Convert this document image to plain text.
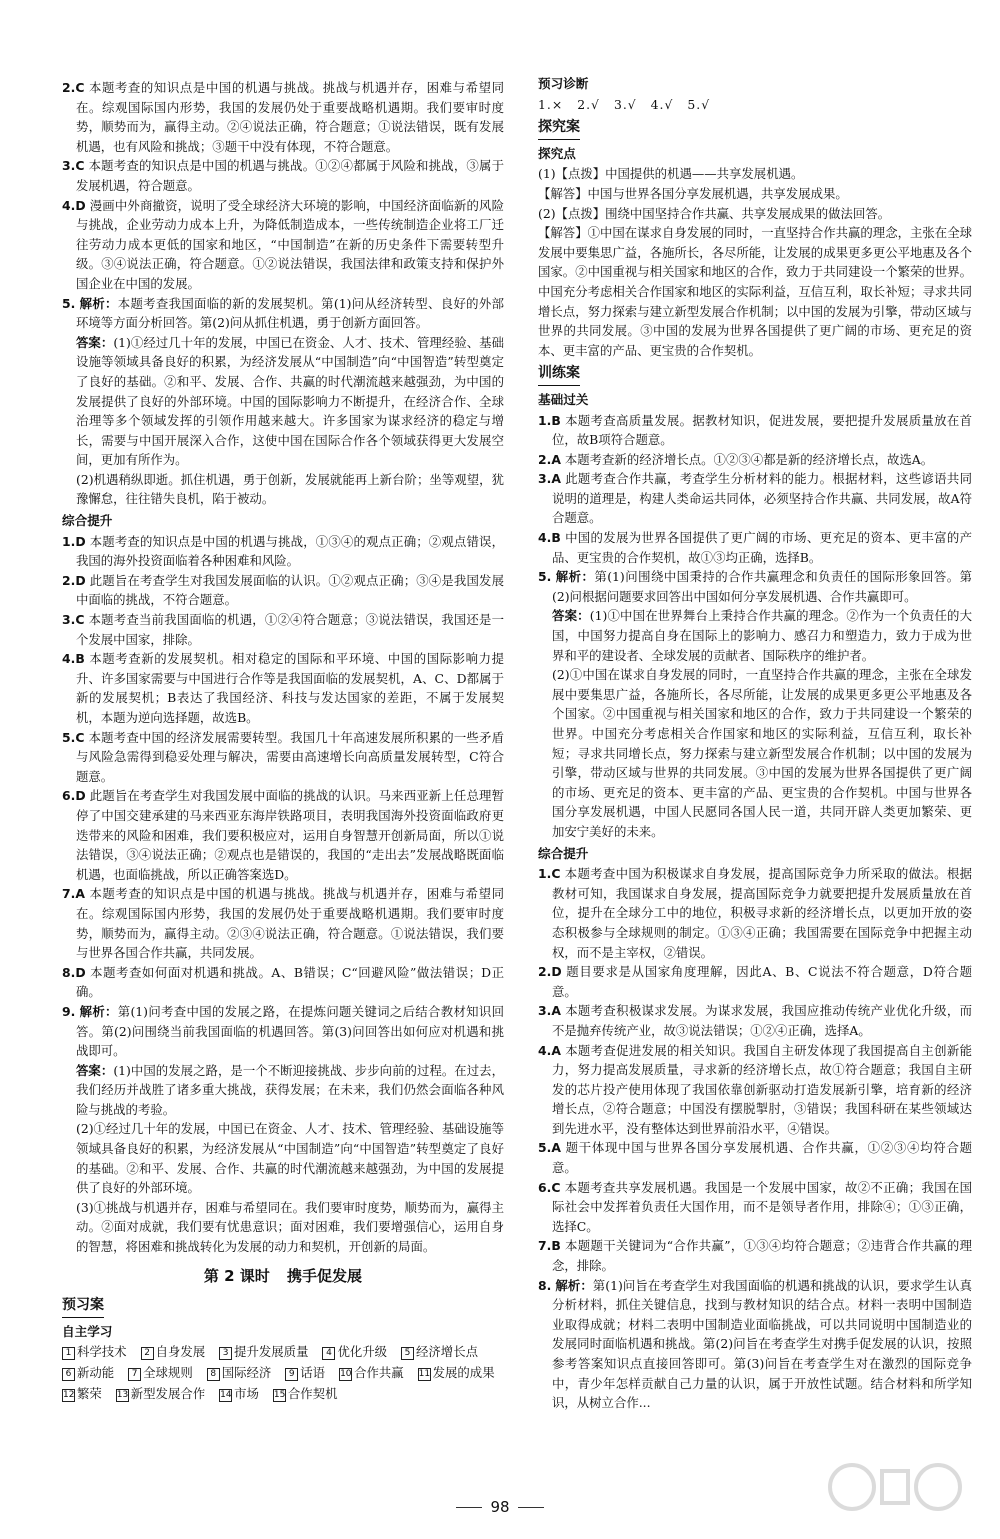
2.C 本题考查的知识点是中国的机遇与挑战。挑战与机遇并存，困难与希望同在。综观国际国内形势，我国的发展仍处于重要战略机遇期。我们要审时度势，顺势而为，赢得主动。②④说法正确，符合题意；①说法错误，既有发展机遇，也有风险和挑战；③题干中没有体现，不符合题意。

3.C 本题考查的知识点是中国的机遇与挑战。①②④都属于风险和挑战，③属于发展机遇，符合题意。

4.D 漫画中外商撤资，说明了受全球经济大环境的影响，中国经济面临新的风险与挑战，企业劳动力成本上升，为降低制造成本，一些传统制造企业将工厂迁往劳动力成本更低的国家和地区，“中国制造”在新的历史条件下需要转型升级。③④说法正确，符合题意。①②说法错误，我国法律和政策支持和保护外国企业在中国的发展。

5. 解析：本题考查我国面临的新的发展契机。第(1)问从经济转型、良好的外部环境等方面分析回答。第(2)问从抓住机遇，勇于创新方面回答。

答案：(1)①经过几十年的发展，中国已在资金、人才、技术、管理经验、基础设施等领域具备良好的积累，为经济发展从“中国制造”向“中国智造”转型奠定了良好的基础。②和平、发展、合作、共赢的时代潮流越来越强劲，为中国的发展提供了良好的外部环境。中国的国际影响力不断提升，在经济合作、全球治理等多个领域发挥的引领作用越来越大。许多国家为谋求经济的稳定与增长，需要与中国开展深入合作，这使中国在国际合作各个领域获得更大发展空间，更加有所作为。

(2)机遇稍纵即逝。抓住机遇，勇于创新，发展就能再上新台阶；坐等观望，犹豫懈怠，往往错失良机，陷于被动。

综合提升

1.D 本题考查的知识点是中国的机遇与挑战，①③④的观点正确；②观点错误，我国的海外投资面临着各种困难和风险。

2.D 此题旨在考查学生对我国发展面临的认识。①②观点正确；③④是我国发展中面临的挑战，不符合题意。

3.C 本题考查当前我国面临的机遇，①②④符合题意；③说法错误，我国还是一个发展中国家，排除。

4.B 本题考查新的发展契机。相对稳定的国际和平环境、中国的国际影响力提升、许多国家需要与中国进行合作等是我国面临的发展契机，A、C、D都属于新的发展契机；B表达了我国经济、科技与发达国家的差距，不属于发展契机，本题为逆向选择题，故选B。

5.C 本题考查中国的经济发展需要转型。我国几十年高速发展所积累的一些矛盾与风险急需得到稳妥处理与解决，需要由高速增长向高质量发展转型，C符合题意。

6.D 此题旨在考查学生对我国发展中面临的挑战的认识。马来西亚新上任总理暂停了中国交建承建的马来西亚东海岸铁路项目，表明我国海外投资面临政府更迭带来的风险和困难，我们要积极应对，运用自身智慧开创新局面，所以①说法错误，③④说法正确；②观点也是错误的，我国的“走出去”发展战略既面临机遇，也面临挑战，所以正确答案选D。

7.A 本题考查的知识点是中国的机遇与挑战。挑战与机遇并存，困难与希望同在。综观国际国内形势，我国的发展仍处于重要战略机遇期。我们要审时度势，顺势而为，赢得主动。②③④说法正确，符合题意。①说法错误，我们要与世界各国合作共赢，共同发展。

8.D 本题考查如何面对机遇和挑战。A、B错误；C“回避风险”做法错误；D正确。

9. 解析：第(1)问考查中国的发展之路，在提炼问题关键词之后结合教材知识回答。第(2)问围绕当前我国面临的机遇回答。第(3)问回答出如何应对机遇和挑战即可。

答案：(1)中国的发展之路，是一个不断迎接挑战、步步向前的过程。在过去，我们经历并战胜了诸多重大挑战，获得发展；在未来，我们仍然会面临各种风险与挑战的考验。

(2)①经过几十年的发展，中国已在资金、人才、技术、管理经验、基础设施等领域具备良好的积累，为经济发展从“中国制造”向“中国智造”转型奠定了良好的基础。②和平、发展、合作、共赢的时代潮流越来越强劲，为中国的发展提供了良好的外部环境。

(3)①挑战与机遇并存，困难与希望同在。我们要审时度势，顺势而为，赢得主动。②面对成就，我们要有忧患意识；面对困难，我们要增强信心，运用自身的智慧，将困难和挑战转化为发展的动力和契机，开创新的局面。

第 2 课时 携手促发展
预习案
自主学习
1 科学技术	2 自身发展	3 提升发展质量	4 优化升级	5 经济增长点
6 新动能	7 全球规则	8 国际经济	9 话语 10 合作共赢 11 发展的成果
12 繁荣 13 新型发展合作 14 市场 15 合作契机
预习诊断
1.× 2.√ 3.√ 4.√ 5.√
探究案
探究点

(1)【点拨】中国提供的机遇——共享发展机遇。

【解答】中国与世界各国分享发展机遇，共享发展成果。

(2)【点拨】围绕中国坚持合作共赢、共享发展成果的做法回答。

【解答】①中国在谋求自身发展的同时，一直坚持合作共赢的理念，主张在全球发展中要集思广益，各施所长，各尽所能，让发展的成果更多更公平地惠及各个国家。②中国重视与相关国家和地区的合作，致力于共同建设一个繁荣的世界。中国充分考虑相关合作国家和地区的实际利益，互信互利，取长补短；寻求共同增长点，努力探索与建立新型发展合作机制；以中国的发展为引擎，带动区域与世界的共同发展。③中国的发展为世界各国提供了更广阔的市场、更充足的资本、更丰富的产品、更宝贵的合作契机。

训练案
基础过关

1.B 本题考查高质量发展。据教材知识，促进发展，要把提升发展质量放在首位，故B项符合题意。

2.A 本题考查新的经济增长点。①②③④都是新的经济增长点，故选A。

3.A 此题考查合作共赢，考查学生分析材料的能力。根据材料，这些谚语共同说明的道理是，构建人类命运共同体，必须坚持合作共赢、共同发展，故A符合题意。

4.B 中国的发展为世界各国提供了更广阔的市场、更充足的资本、更丰富的产品、更宝贵的合作契机，故①③均正确，选择B。

5. 解析：第(1)问围绕中国秉持的合作共赢理念和负责任的国际形象回答。第(2)问根据问题要求回答出中国如何分享发展机遇、合作共赢即可。

答案：(1)①中国在世界舞台上秉持合作共赢的理念。②作为一个负责任的大国，中国努力提高自身在国际上的影响力、感召力和塑造力，致力于成为世界和平的建设者、全球发展的贡献者、国际秩序的维护者。

(2)①中国在谋求自身发展的同时，一直坚持合作共赢的理念，主张在全球发展中要集思广益，各施所长，各尽所能，让发展的成果更多更公平地惠及各个国家。②中国重视与相关国家和地区的合作，致力于共同建设一个繁荣的世界。中国充分考虑相关合作国家和地区的实际利益，互信互利，取长补短；寻求共同增长点，努力探索与建立新型发展合作机制；以中国的发展为引擎，带动区域与世界的共同发展。③中国的发展为世界各国提供了更广阔的市场、更充足的资本、更丰富的产品、更宝贵的合作契机。中国与世界各国分享发展机遇，中国人民愿同各国人民一道，共同开辟人类更加繁荣、更加安宁美好的未来。

综合提升

1.C 本题考查中国为积极谋求自身发展，提高国际竞争力所采取的做法。根据教材可知，我国谋求自身发展，提高国际竞争力就要把提升发展质量放在首位，提升在全球分工中的地位，积极寻求新的经济增长点，以更加开放的姿态积极参与全球规则的制定。①③④正确；我国需要在国际竞争中把握主动权，而不是主宰权，②错误。

2.D 题目要求是从国家角度理解，因此A、B、C说法不符合题意，D符合题意。

3.A 本题考查积极谋求发展。为谋求发展，我国应推动传统产业优化升级，而不是抛弃传统产业，故③说法错误；①②④正确，选择A。

4.A 本题考查促进发展的相关知识。我国自主研发体现了我国提高自主创新能力，努力提高发展质量，寻求新的经济增长点，故①符合题意；我国自主研发的芯片投产使用体现了我国依靠创新驱动打造发展新引擎，培育新的经济增长点，②符合题意；中国没有摆脱掣肘，③错误；我国科研在某些领域达到先进水平，没有整体达到世界前沿水平，④错误。

5.A 题干体现中国与世界各国分享发展机遇、合作共赢，①②③④均符合题意。

6.C 本题考查共享发展机遇。我国是一个发展中国家，故②不正确；我国在国际社会中发挥着负责任大国作用，而不是领导者作用，排除④；①③正确，选择C。

7.B 本题题干关键词为“合作共赢”，①③④均符合题意；②违背合作共赢的理念，排除。

8. 解析：第(1)问旨在考查学生对我国面临的机遇和挑战的认识，要求学生认真分析材料，抓住关键信息，找到与教材知识的结合点。材料一表明中国制造业取得成就；材料二表明中国制造业面临挑战，可以共同说明中国制造业的发展同时面临机遇和挑战。第(2)问旨在考查学生对携手促发展的认识，按照参考答案知识点直接回答即可。第(3)问旨在考查学生对在激烈的国际竞争中，青少年怎样贡献自己力量的认识，属于开放性试题。结合材料和所学知识，从树立合作...

98
